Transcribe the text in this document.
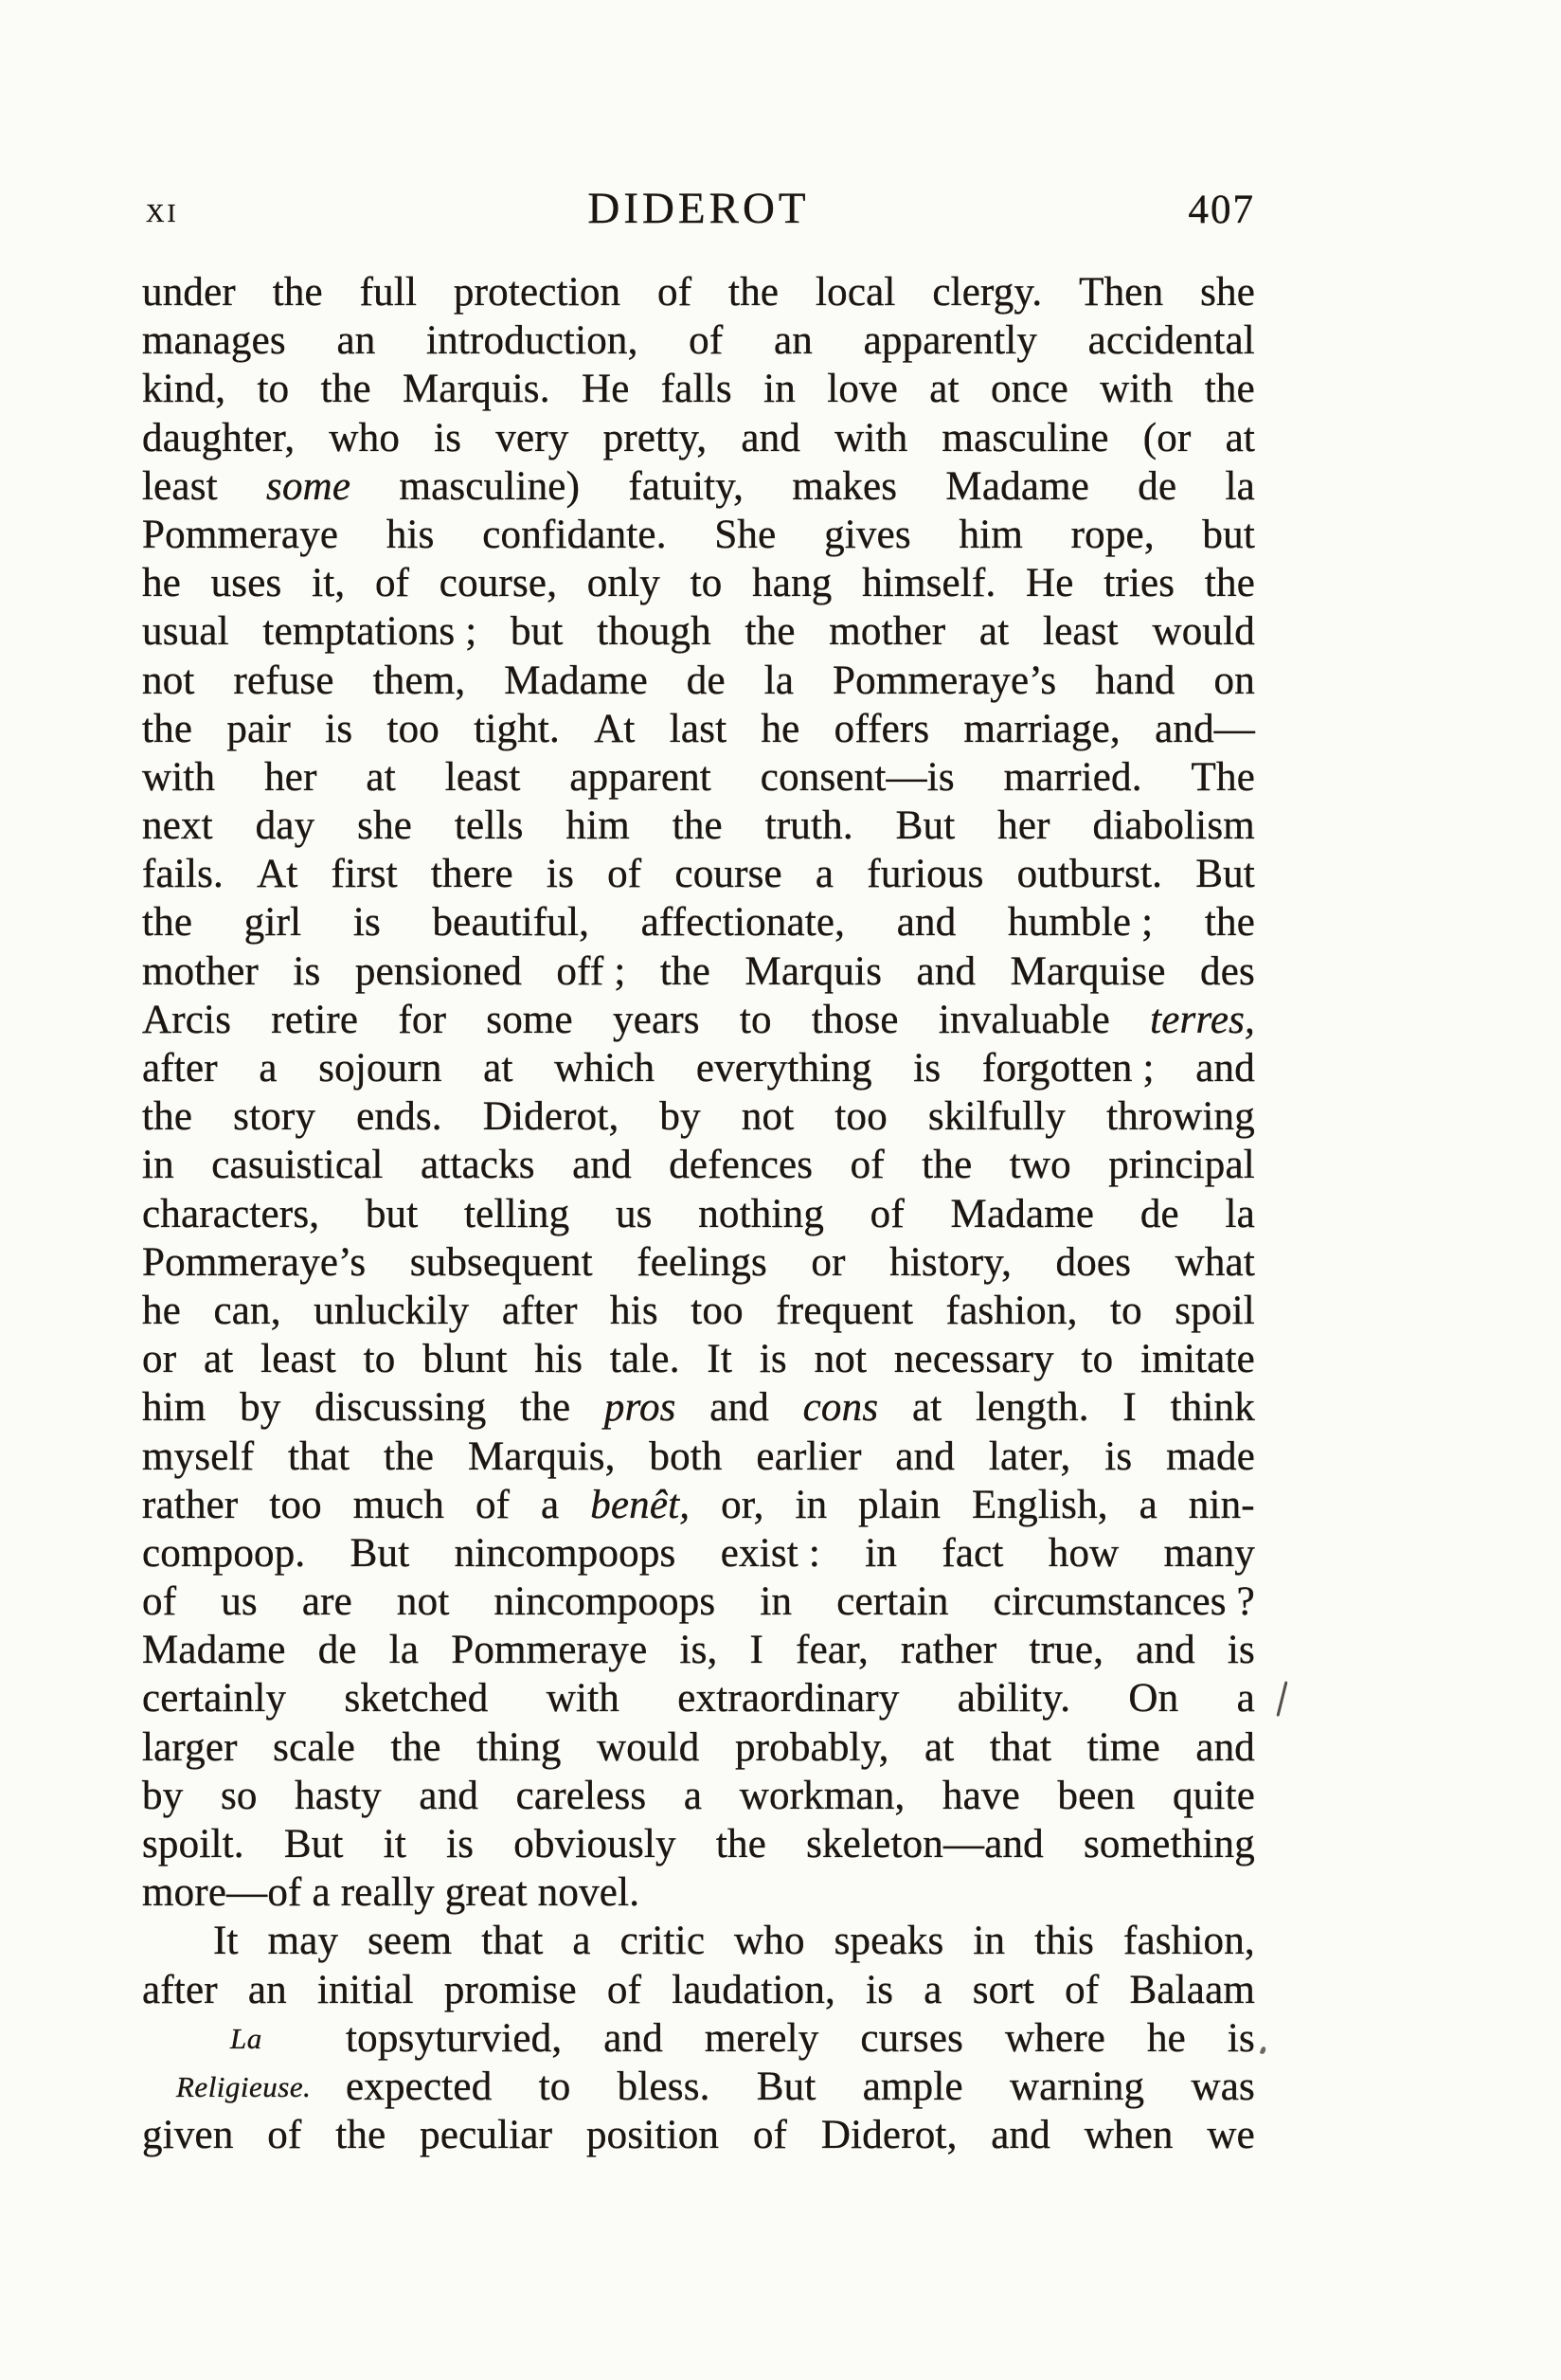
XI	DIDEROT	407
under the full protection of the local clergy. Then she
manages an introduction, of an apparently accidental
kind, to the Marquis. He falls in love at once with the
daughter, who is very pretty, and with masculine (or at
least some masculine) fatuity, makes Madame de la
Pommeraye his confidante. She gives him rope, but
he uses it, of course, only to hang himself. He tries the
usual temptations ; but though the mother at least would
not refuse them, Madame de la Pommeraye’s hand on
the pair is too tight. At last he offers marriage, and—
with her at least apparent consent—is married. The
next day she tells him the truth. But her diabolism
fails. At first there is of course a furious outburst. But
the girl is beautiful, affectionate, and humble ; the
mother is pensioned off ; the Marquis and Marquise des
Arcis retire for some years to those invaluable terres,
after a sojourn at which everything is forgotten ; and
the story ends. Diderot, by not too skilfully throwing
in casuistical attacks and defences of the two principal
characters, but telling us nothing of Madame de la
Pommeraye’s subsequent feelings or history, does what
he can, unluckily after his too frequent fashion, to spoil
or at least to blunt his tale. It is not necessary to imitate
him by discussing the pros and cons at length. I think
myself that the Marquis, both earlier and later, is made
rather too much of a benêt, or, in plain English, a nin-
compoop. But nincompoops exist : in fact how many
of us are not nincompoops in certain circumstances ?
Madame de la Pommeraye is, I fear, rather true, and is
certainly sketched with extraordinary ability. On a
larger scale the thing would probably, at that time and
by so hasty and careless a workman, have been quite
spoilt. But it is obviously the skeleton—and something
more—of a really great novel.
It may seem that a critic who speaks in this fashion,
after an initial promise of laudation, is a sort of Balaam
topsyturvied, and merely curses where he is
expected to bless. But ample warning was
given of the peculiar position of Diderot, and when we
La
Religieuse.
